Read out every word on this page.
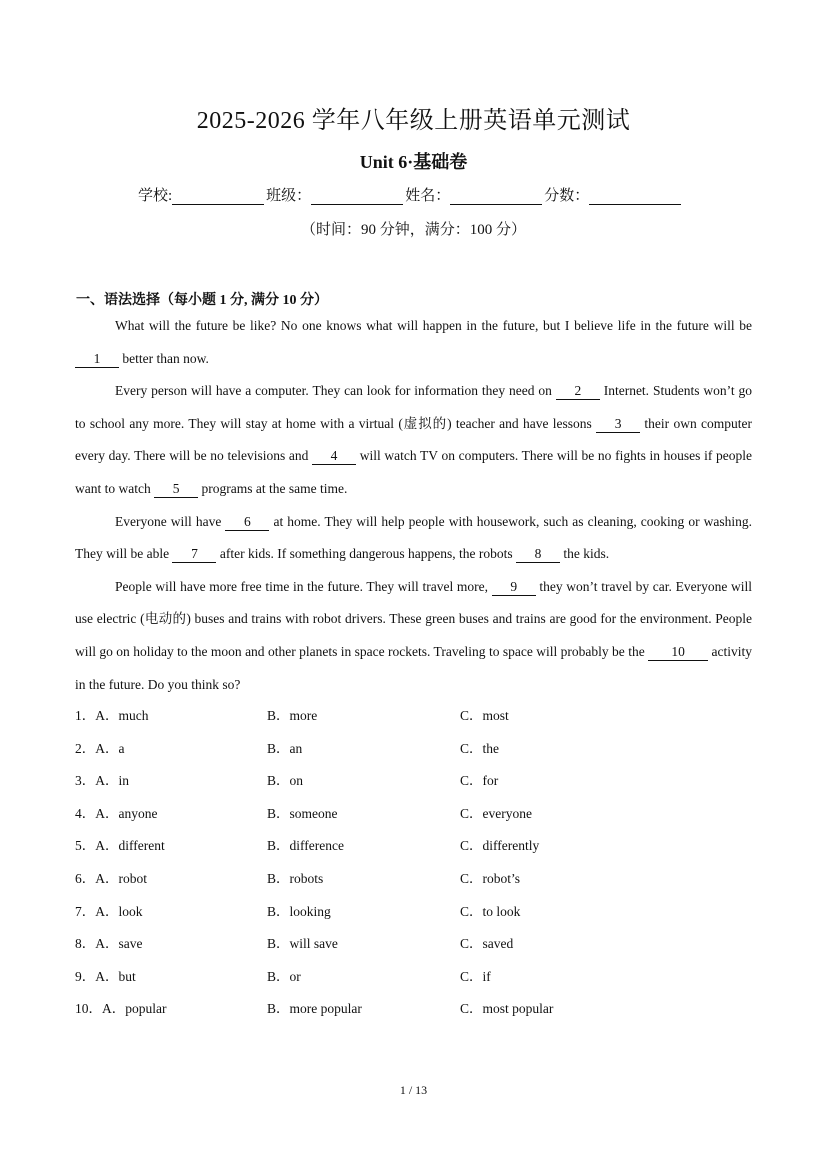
2025-2026 学年八年级上册英语单元测试
Unit 6·基础卷
学校:	班级：	姓名：	分数：
（时间：90 分钟，满分：100 分）
一、语法选择（每小题 1 分, 满分 10 分）

What will the future be like? No one knows what will happen in the future, but I believe life in the future will be 1 better than now.

Every person will have a computer. They can look for information they need on 2 Internet. Students won’t go to school any more. They will stay at home with a virtual (虚拟的) teacher and have lessons 3 their own computer every day. There will be no televisions and 4 will watch TV on computers. There will be no fights in houses if people want to watch 5 programs at the same time.

Everyone will have 6 at home. They will help people with housework, such as cleaning, cooking or washing. They will be able 7 after kids. If something dangerous happens, the robots 8 the kids.

People will have more free time in the future. They will travel more, 9 they won’t travel by car. Everyone will use electric (电动的) buses and trains with robot drivers. These green buses and trains are good for the environment. People will go on holiday to the moon and other planets in space rockets. Traveling to space will probably be the 10 activity in the future. Do you think so?

1．A．much	B．more	C．most
2．A．a	B．an	C．the
3．A．in	B．on	C．for
4．A．anyone	B．someone	C．everyone
5．A．different	B．difference	C．differently
6．A．robot	B．robots	C．robot’s
7．A．look	B．looking	C．to look
8．A．save	B．will save	C．saved
9．A．but	B．or	C．if
10．A．popular	B．more popular	C．most popular
1 / 13
